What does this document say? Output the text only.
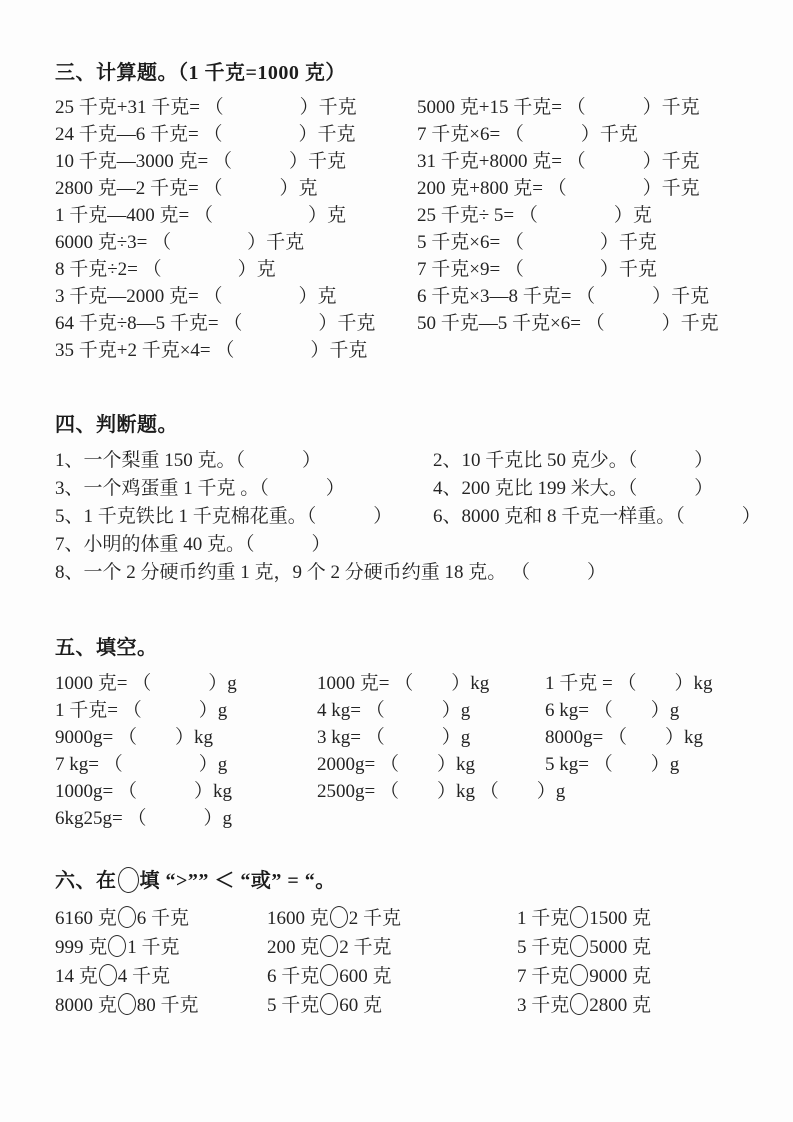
三、计算题。（1 千克=1000 克）
25 千克+31 千克= （　　　　）千克	5000 克+15 千克= （　　　）千克
24 千克—6 千克= （　　　　）千克	7 千克×6= （　　　）千克
10 千克—3000 克= （　　　）千克	31 千克+8000 克= （　　　）千克
2800 克—2 千克= （　　　）克	200 克+800 克= （　　　　）千克
1 千克—400 克= （　　　　　）克	25 千克÷ 5= （　　　　）克
6000 克÷3= （　　　　）千克	5 千克×6= （　　　　）千克
8 千克÷2= （　　　　）克	7 千克×9= （　　　　）千克
3 千克—2000 克= （　　　　）克	6 千克×3—8 千克= （　　　）千克
64 千克÷8—5 千克= （　　　　）千克	50 千克—5 千克×6= （　　　）千克
35 千克+2 千克×4= （　　　　）千克
四、判断题。
1、一个梨重 150 克。（　　　）	2、10 千克比 50 克少。（　　　）
3、一个鸡蛋重 1 千克 。（　　　）	4、200 克比 199 米大。（　　　）
5、1 千克铁比 1 千克棉花重。（　　　）	6、8000 克和 8 千克一样重。（　　　）
7、小明的体重 40 克。（　　　）
8、一个 2 分硬币约重 1 克，9 个 2 分硬币约重 18 克。 （　　　）
五、填空。
1000 克= （　　　）g	1000 克= （　　）kg	1 千克 = （　　）kg
1 千克= （　　　）g	4 kg= （　　　）g	6 kg= （　　）g
9000g= （　　）kg	3 kg= （　　　）g	8000g= （　　）kg
7 kg= （　　　　）g	2000g= （　　）kg	5 kg= （　　）g
1000g= （　　　）kg	2500g= （　　）kg （　　）g
6kg25g= （　　　）g
六、在 填 “>”” ＜ “或” = “。
6160 克 6 千克	1600 克 2 千克	1 千克 1500 克
999 克 1 千克	200 克 2 千克	5 千克 5000 克
14 克 4 千克	6 千克 600 克	7 千克 9000 克
8000 克 80 千克	5 千克 60 克	3 千克 2800 克
